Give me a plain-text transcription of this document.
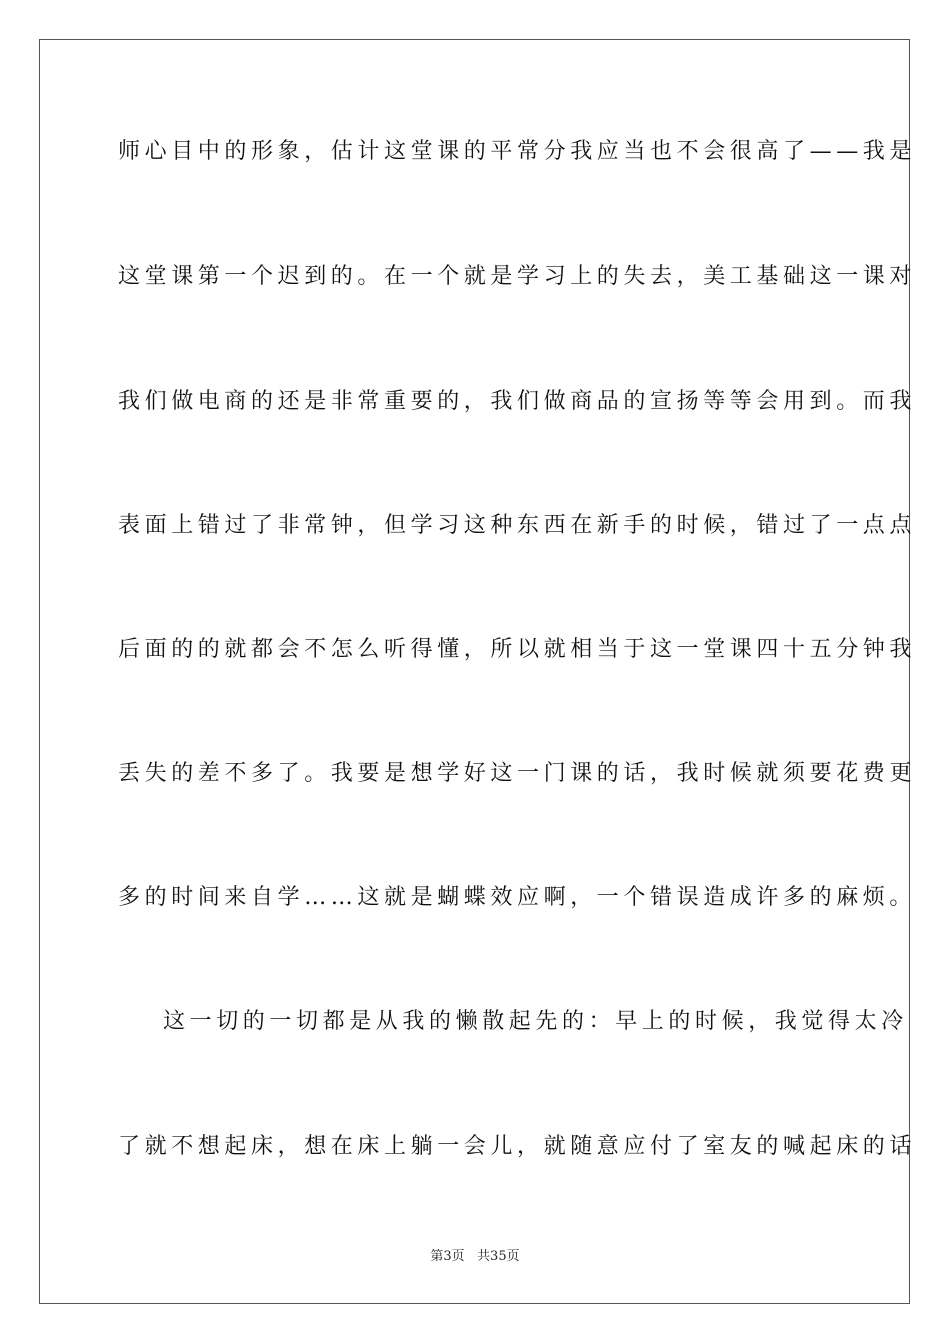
师心目中的形象，估计这堂课的平常分我应当也不会很高了——我是
这堂课第一个迟到的。在一个就是学习上的失去，美工基础这一课对
我们做电商的还是非常重要的，我们做商品的宣扬等等会用到。而我
表面上错过了非常钟，但学习这种东西在新手的时候，错过了一点点
后面的的就都会不怎么听得懂，所以就相当于这一堂课四十五分钟我
丢失的差不多了。我要是想学好这一门课的话，我时候就须要花费更
多的时间来自学……这就是蝴蝶效应啊，一个错误造成许多的麻烦。
这一切的一切都是从我的懒散起先的：早上的时候，我觉得太冷
了就不想起床，想在床上躺一会儿，就随意应付了室友的喊起床的话
第3页   共35页
